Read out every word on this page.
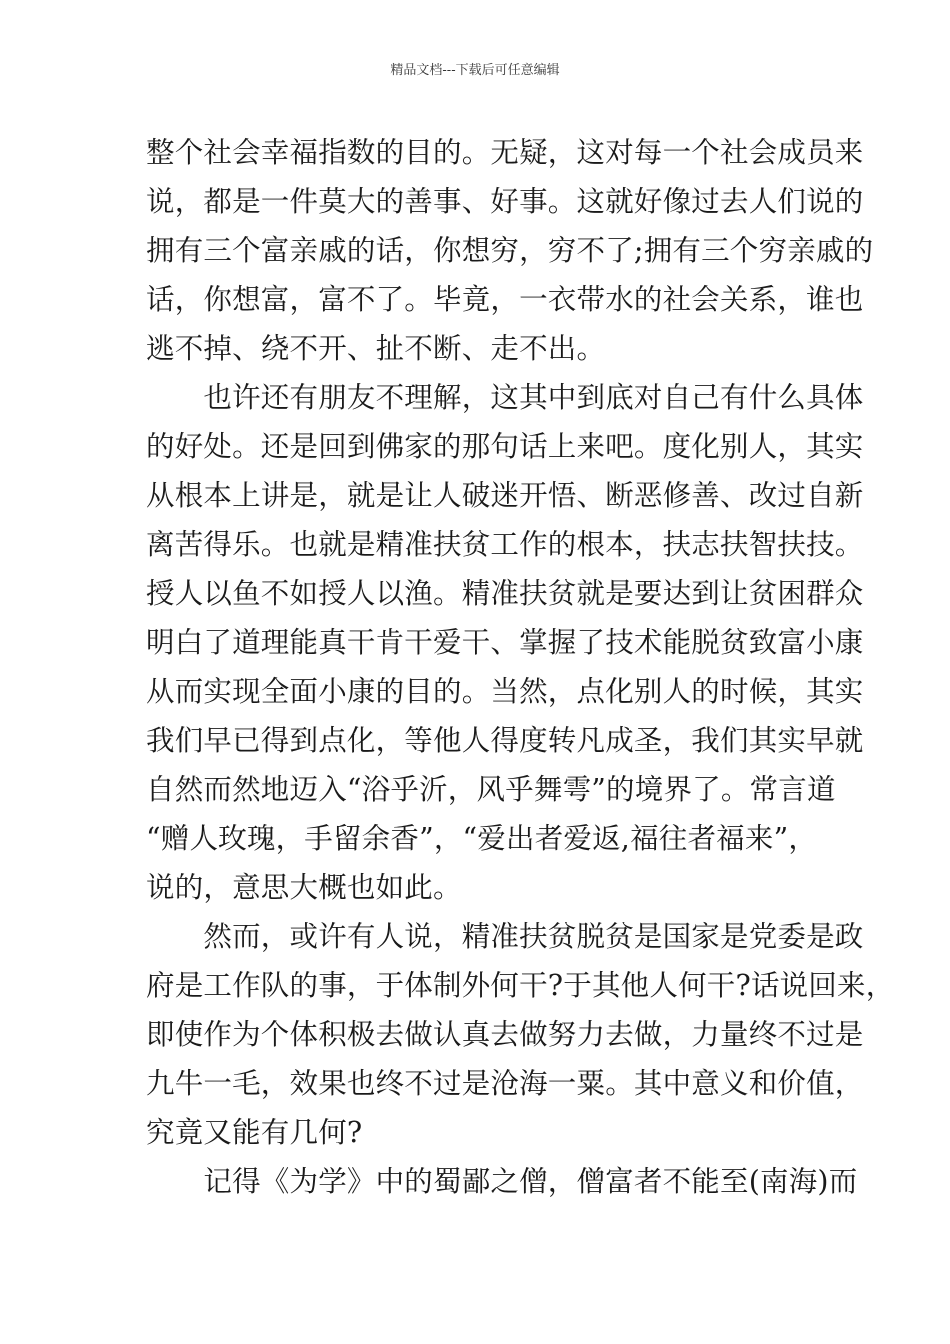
精品文档---下载后可任意编辑
整个社会幸福指数的目的。无疑，这对每一个社会成员来
说，都是一件莫大的善事、好事。这就好像过去人们说的
拥有三个富亲戚的话，你想穷，穷不了;拥有三个穷亲戚的
话，你想富，富不了。毕竟，一衣带水的社会关系，谁也
逃不掉、绕不开、扯不断、走不出。
　　也许还有朋友不理解，这其中到底对自己有什么具体
的好处。还是回到佛家的那句话上来吧。度化别人，其实
从根本上讲是，就是让人破迷开悟、断恶修善、改过自新
离苦得乐。也就是精准扶贫工作的根本，扶志扶智扶技。
授人以鱼不如授人以渔。精准扶贫就是要达到让贫困群众
明白了道理能真干肯干爱干、掌握了技术能脱贫致富小康
从而实现全面小康的目的。当然，点化别人的时候，其实
我们早已得到点化，等他人得度转凡成圣，我们其实早就
自然而然地迈入“浴乎沂，风乎舞雩”的境界了。常言道
“赠人玫瑰，手留余香”，“爱出者爱返,福往者福来”，
说的，意思大概也如此。
　　然而，或许有人说，精准扶贫脱贫是国家是党委是政
府是工作队的事，于体制外何干?于其他人何干?话说回来，
即使作为个体积极去做认真去做努力去做，力量终不过是
九牛一毛，效果也终不过是沧海一粟。其中意义和价值，
究竟又能有几何?
　　记得《为学》中的蜀鄙之僧，僧富者不能至(南海)而
